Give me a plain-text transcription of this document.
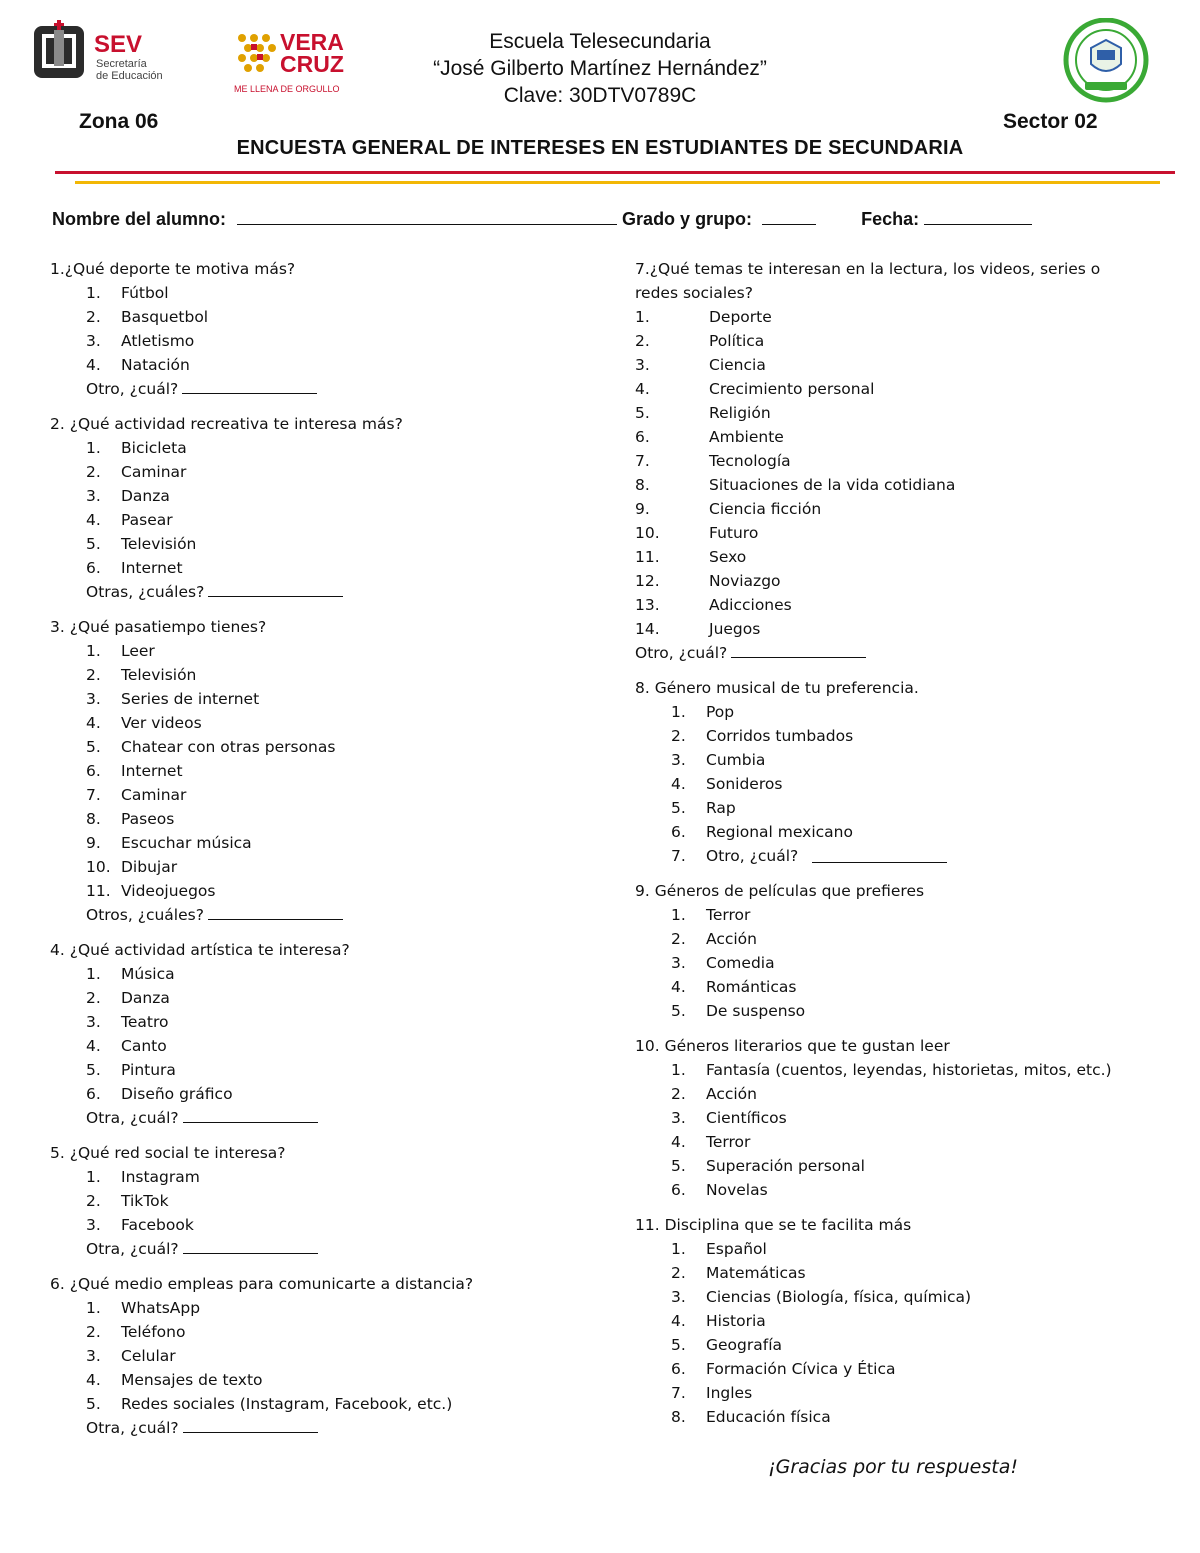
SEV
Secretaría
de Educación
VERA
CRUZ
ME LLENA DE ORGULLO
Escuela Telesecundaria
“José Gilberto Martínez Hernández”
Clave: 30DTV0789C
Zona 06	Sector 02
ENCUESTA GENERAL DE INTERESES EN ESTUDIANTES DE SECUNDARIA
Nombre del alumno:	Grado y grupo:	Fecha:
1.¿Qué deporte te motiva más?
1. Fútbol
2. Basquetbol
3. Atletismo
4. Natación
Otro, ¿cuál?
2. ¿Qué actividad recreativa te interesa más?
1. Bicicleta
2. Caminar
3. Danza
4. Pasear
5. Televisión
6. Internet
Otras, ¿cuáles?
3. ¿Qué pasatiempo tienes?
1. Leer
2. Televisión
3. Series de internet
4. Ver videos
5. Chatear con otras personas
6. Internet
7. Caminar
8. Paseos
9. Escuchar música
10. Dibujar
11. Videojuegos
Otros, ¿cuáles?
4. ¿Qué actividad artística te interesa?
1. Música
2. Danza
3. Teatro
4. Canto
5. Pintura
6. Diseño gráfico
Otra, ¿cuál?
5. ¿Qué red social te interesa?
1. Instagram
2. TikTok
3. Facebook
Otra, ¿cuál?
6. ¿Qué medio empleas para comunicarte a distancia?
1. WhatsApp
2. Teléfono
3. Celular
4. Mensajes de texto
5. Redes sociales (Instagram, Facebook, etc.)
Otra, ¿cuál?
7.¿Qué temas te interesan en la lectura, los videos, series o redes sociales?
1.	Deporte
2.	Política
3.	Ciencia
4.	Crecimiento personal
5.	Religión
6.	Ambiente
7.	Tecnología
8.	Situaciones de la vida cotidiana
9.	Ciencia ficción
10.	Futuro
11.	Sexo
12.	Noviazgo
13.	Adicciones
14.	Juegos
Otro, ¿cuál?
8. Género musical de tu preferencia.
1. Pop
2. Corridos tumbados
3. Cumbia
4. Sonideros
5. Rap
6. Regional mexicano
7. Otro, ¿cuál?
9. Géneros de películas que prefieres
1. Terror
2. Acción
3. Comedia
4. Románticas
5. De suspenso
10. Géneros literarios que te gustan leer
1. Fantasía (cuentos, leyendas, historietas, mitos, etc.)
2. Acción
3. Científicos
4. Terror
5. Superación personal
6. Novelas
11. Disciplina que se te facilita más
1. Español
2. Matemáticas
3. Ciencias (Biología, física, química)
4. Historia
5. Geografía
6. Formación Cívica y Ética
7. Ingles
8. Educación física
¡Gracias por tu respuesta!
